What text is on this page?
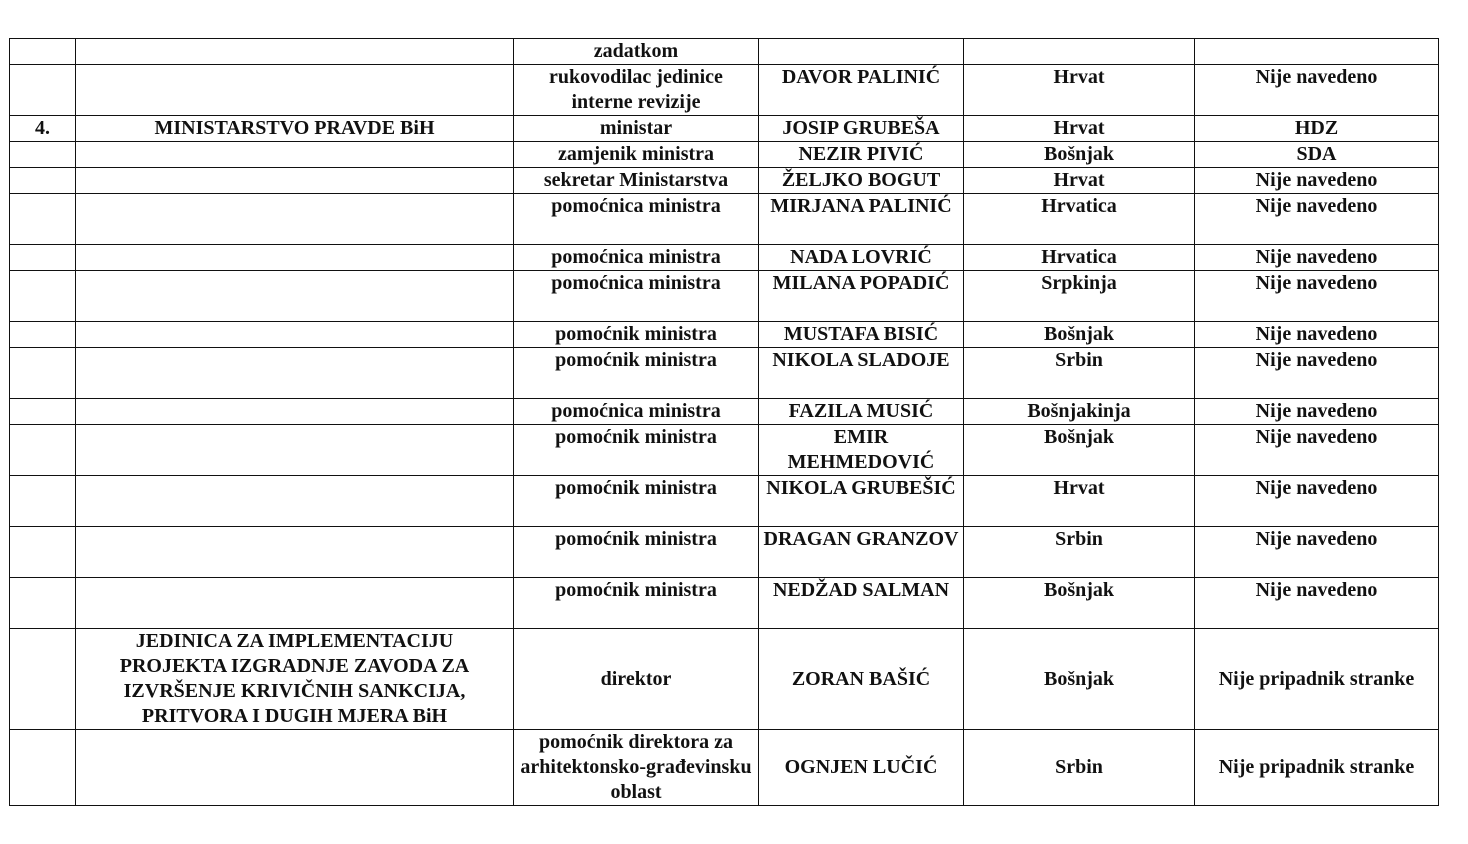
		zadatkom			
		rukovodilac jedinice interne revizije	DAVOR PALINIĆ	Hrvat	Nije navedeno
4.	MINISTARSTVO PRAVDE BiH	ministar	JOSIP GRUBEŠA	Hrvat	HDZ
		zamjenik ministra	NEZIR PIVIĆ	Bošnjak	SDA
		sekretar Ministarstva	ŽELJKO BOGUT	Hrvat	Nije navedeno
		pomoćnica ministra	MIRJANA PALINIĆ	Hrvatica	Nije navedeno
		pomoćnica ministra	NADA LOVRIĆ	Hrvatica	Nije navedeno
		pomoćnica ministra	MILANA POPADIĆ	Srpkinja	Nije navedeno
		pomoćnik ministra	MUSTAFA BISIĆ	Bošnjak	Nije navedeno
		pomoćnik ministra	NIKOLA SLADOJE	Srbin	Nije navedeno
		pomoćnica ministra	FAZILA MUSIĆ	Bošnjakinja	Nije navedeno
		pomoćnik ministra	EMIR MEHMEDOVIĆ	Bošnjak	Nije navedeno
		pomoćnik ministra	NIKOLA GRUBEŠIĆ	Hrvat	Nije navedeno
		pomoćnik ministra	DRAGAN GRANZOV	Srbin	Nije navedeno
		pomoćnik ministra	NEDŽAD SALMAN	Bošnjak	Nije navedeno
	JEDINICA ZA IMPLEMENTACIJU PROJEKTA IZGRADNJE ZAVODA ZA IZVRŠENJE KRIVIČNIH SANKCIJA, PRITVORA I DUGIH MJERA BiH	direktor	ZORAN BAŠIĆ	Bošnjak	Nije pripadnik stranke
		pomoćnik direktora za arhitektonsko-građevinsku oblast	OGNJEN LUČIĆ	Srbin	Nije pripadnik stranke
